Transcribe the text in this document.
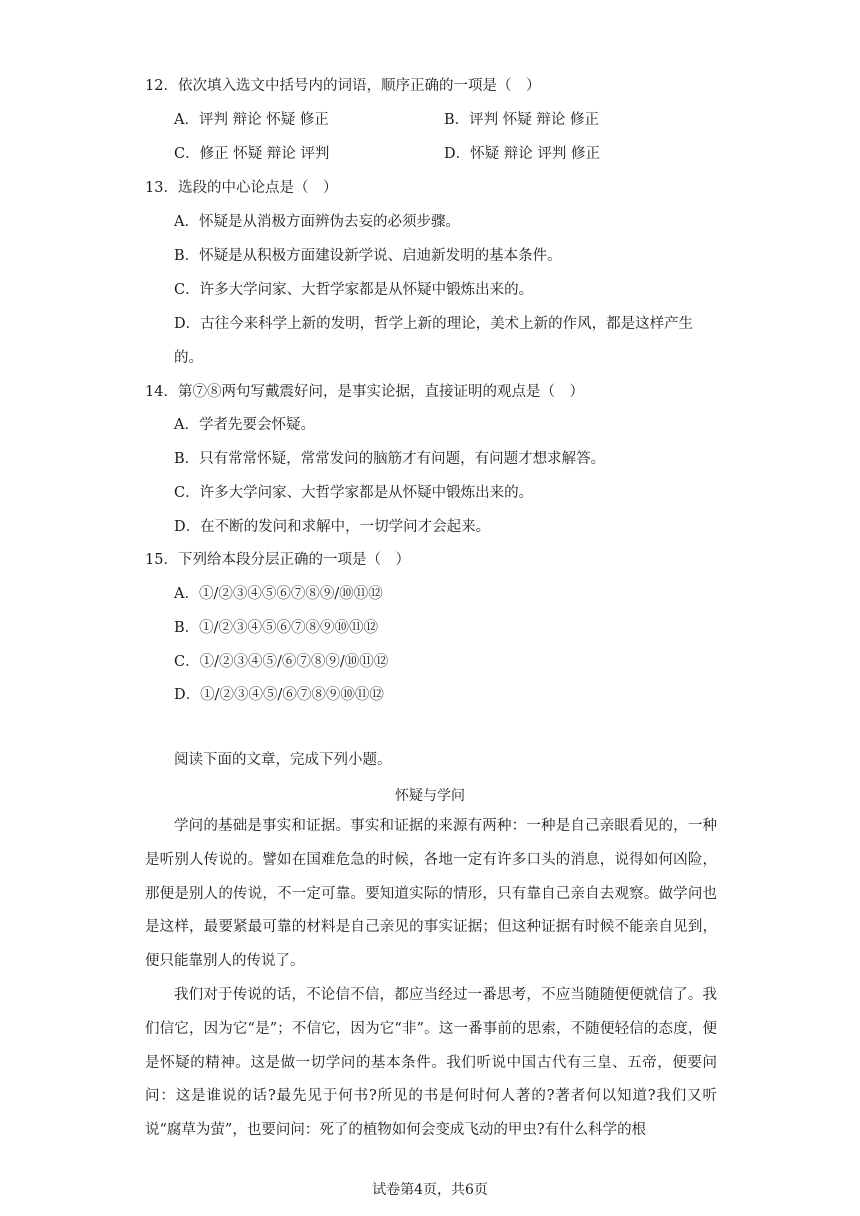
12．依次填入选文中括号内的词语，顺序正确的一项是（　）
A．评判 辩论 怀疑 修正	B．评判 怀疑 辩论 修正
C．修正 怀疑 辩论 评判	D．怀疑 辩论 评判 修正
13．选段的中心论点是（　）
A．怀疑是从消极方面辨伪去妄的必须步骤。
B．怀疑是从积极方面建设新学说、启迪新发明的基本条件。
C．许多大学问家、大哲学家都是从怀疑中锻炼出来的。
D．古往今来科学上新的发明，哲学上新的理论，美术上新的作风，都是这样产生
的。
14．第⑦⑧两句写戴震好问，是事实论据，直接证明的观点是（　）
A．学者先要会怀疑。
B．只有常常怀疑，常常发问的脑筋才有问题，有问题才想求解答。
C．许多大学问家、大哲学家都是从怀疑中锻炼出来的。
D．在不断的发问和求解中，一切学问才会起来。
15．下列给本段分层正确的一项是（　）
A．①/②③④⑤⑥⑦⑧⑨/⑩⑪⑫
B．①/②③④⑤⑥⑦⑧⑨⑩⑪⑫
C．①/②③④⑤/⑥⑦⑧⑨/⑩⑪⑫
D．①/②③④⑤/⑥⑦⑧⑨⑩⑪⑫
阅读下面的文章，完成下列小题。
怀疑与学问
学问的基础是事实和证据。事实和证据的来源有两种：一种是自己亲眼看见的，一种是听别人传说的。譬如在国难危急的时候，各地一定有许多口头的消息，说得如何凶险，那便是别人的传说，不一定可靠。要知道实际的情形，只有靠自己亲自去观察。做学问也是这样，最要紧最可靠的材料是自己亲见的事实证据；但这种证据有时候不能亲自见到，便只能靠别人的传说了。
我们对于传说的话，不论信不信，都应当经过一番思考，不应当随随便便就信了。我们信它，因为它“是”；不信它，因为它“非”。这一番事前的思索，不随便轻信的态度，便是怀疑的精神。这是做一切学问的基本条件。我们听说中国古代有三皇、五帝，便要问问：这是谁说的话?最先见于何书?所见的书是何时何人著的?著者何以知道?我们又听说“腐草为萤”，也要问问：死了的植物如何会变成飞动的甲虫?有什么科学的根
试卷第4页，共6页
